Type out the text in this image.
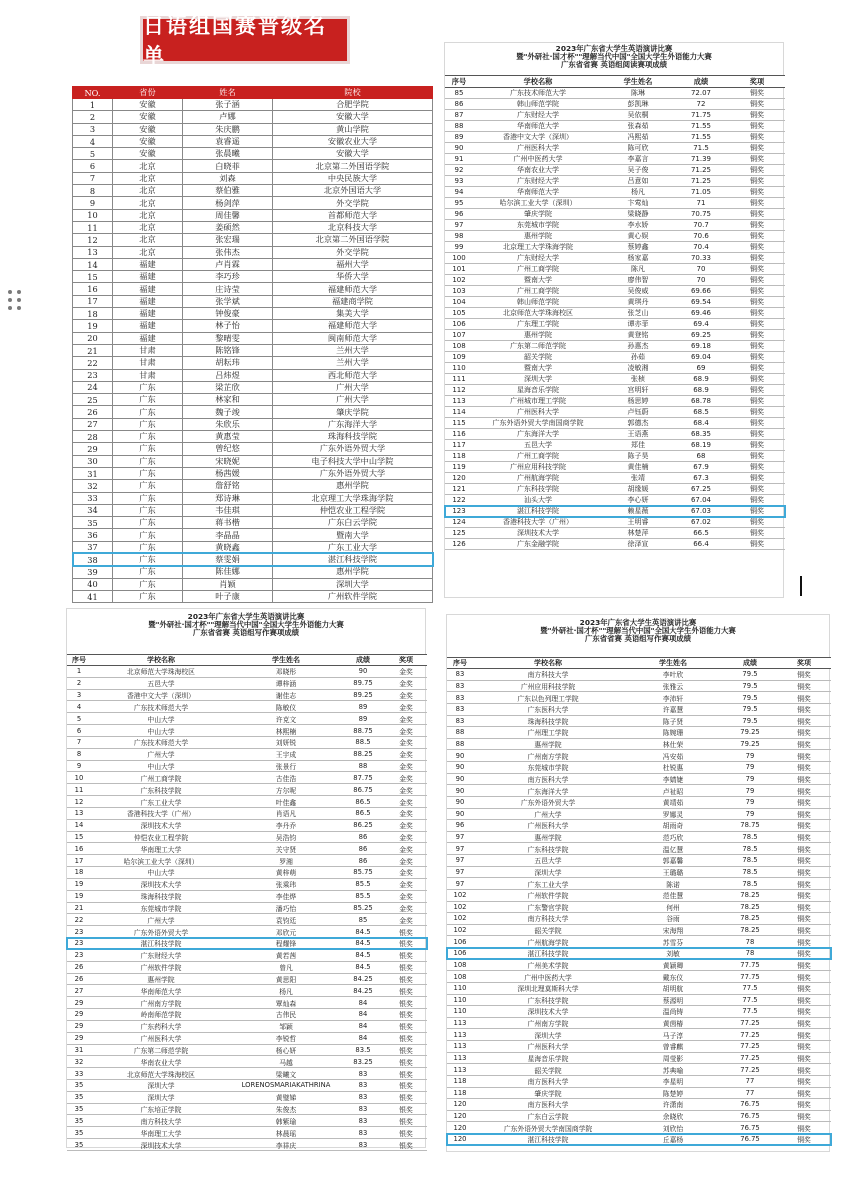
日语组国赛晋级名单
NO.	省份	姓名	院校
1	安徽	张子涵	合肥学院
2	安徽	卢娜	安徽大学
3	安徽	朱庆鹏	黄山学院
4	安徽	袁睿遥	安徽农业大学
5	安徽	张晨曦	安徽大学
6	北京	白晓菲	北京第二外国语学院
7	北京	刘森	中央民族大学
8	北京	蔡伯雅	北京外国语大学
9	北京	杨剑萍	外交学院
10	北京	周佳馨	首都师范大学
11	北京	姜硕然	北京科技大学
12	北京	张宏瑞	北京第二外国语学院
13	北京	张伟杰	外交学院
14	福建	卢肖霖	福州大学
15	福建	李巧珍	华侨大学
16	福建	庄诗莹	福建师范大学
17	福建	张学斌	福建商学院
18	福建	钟俊豪	集美大学
19	福建	林子怡	福建师范大学
20	福建	黎晴雯	闽南师范大学
21	甘肃	陈铭锋	兰州大学
22	甘肃	胡耘玮	兰州大学
23	甘肃	吕炜煜	西北师范大学
24	广东	梁芷欣	广州大学
25	广东	林家和	广州大学
26	广东	魏子竣	肇庆学院
27	广东	朱欣乐	广东海洋大学
28	广东	黄惠莹	珠海科技学院
29	广东	曾纪悠	广东外语外贸大学
30	广东	宋晓妮	电子科技大学中山学院
31	广东	杨茜媛	广东外语外贸大学
32	广东	詹舒铭	惠州学院
33	广东	郑诗琳	北京理工大学珠海学院
34	广东	韦佳琪	仲恺农业工程学院
35	广东	蒋书楷	广东白云学院
36	广东	李晶晶	暨南大学
37	广东	黄晓鑫	广东工业大学
38	广东	蔡雯娟	湛江科技学院
39	广东	陈佳娜	惠州学院
40	广东	肖颖	深圳大学
41	广东	叶子康	广州软件学院
2023年广东省大学生英语演讲比赛
暨"外研社·国才杯""理解当代中国"全国大学生外语能力大赛
广东省省赛 英语组阅读赛项成绩
序号	学校名称	学生姓名	成绩	奖项
85	广东技术师范大学	陈琳	72.07	铜奖
86	韩山师范学院	彭凯琳	72	铜奖
87	广东财经大学	吴依桐	71.75	铜奖
88	华南师范大学	张森茹	71.55	铜奖
89	香港中文大学（深圳）	冯熙茹	71.55	铜奖
90	广州医科大学	陈可欣	71.5	铜奖
91	广州中医药大学	李嘉言	71.39	铜奖
92	华南农业大学	吴子俊	71.25	铜奖
93	广东财经大学	吕意如	71.25	铜奖
94	华南师范大学	杨凡	71.05	铜奖
95	哈尔滨工业大学（深圳）	卞莺灿	71	铜奖
96	肇庆学院	梁晓静	70.75	铜奖
97	东莞城市学院	李水娇	70.7	铜奖
98	惠州学院	黄心娱	70.6	铜奖
99	北京理工大学珠海学院	蔡婷鑫	70.4	铜奖
100	广东财经大学	杨家嘉	70.33	铜奖
101	广州工商学院	陈凡	70	铜奖
102	暨南大学	廖伟智	70	铜奖
103	广州工商学院	吴俊威	69.66	铜奖
104	韩山师范学院	黄琪丹	69.54	铜奖
105	北京师范大学珠海校区	张芝山	69.46	铜奖
106	广东理工学院	谭亦菲	69.4	铜奖
107	惠州学院	黄登铭	69.25	铜奖
108	广东第二师范学院	孙惠杰	69.18	铜奖
109	韶关学院	孙茹	69.04	铜奖
110	暨南大学	凌敏湘	69	铜奖
111	深圳大学	张桢	68.9	铜奖
112	星海音乐学院	宫明轩	68.9	铜奖
113	广州城市理工学院	杨思婷	68.78	铜奖
114	广州医科大学	卢钰蔚	68.5	铜奖
115	广东外语外贸大学南国商学院	郭德杰	68.4	铜奖
116	广东海洋大学	王语燕	68.35	铜奖
117	五邑大学	郑佳	68.19	铜奖
118	广州工商学院	陈子昊	68	铜奖
119	广州应用科技学院	黄佳楠	67.9	铜奖
120	广州航海学院	张靖	67.3	铜奖
121	广东科技学院	胡缘媛	67.25	铜奖
122	汕头大学	李心妍	67.04	铜奖
123	湛江科技学院	赖星薇	67.03	铜奖
124	香港科技大学（广州）	王明睿	67.02	铜奖
125	深圳技术大学	林楚萍	66.5	铜奖
126	广东金融学院	徐泽宣	66.4	铜奖
2023年广东省大学生英语演讲比赛
暨"外研社·国才杯""理解当代中国"全国大学生外语能力大赛
广东省省赛 英语组写作赛项成绩
序号	学校名称	学生姓名	成绩	奖项
1	北京师范大学珠海校区	邓晓彤	90	金奖
2	五邑大学	谭梓涵	89.75	金奖
3	香港中文大学（深圳）	谢佳志	89.25	金奖
4	广东技术师范大学	陈敏仪	89	金奖
5	中山大学	许克文	89	金奖
6	中山大学	林熙楠	88.75	金奖
7	广东技术师范大学	刘妍锐	88.5	金奖
8	广州大学	王宇成	88.25	金奖
9	中山大学	张景行	88	金奖
10	广州工商学院	古佳浩	87.75	金奖
11	广东科技学院	方尔呢	86.75	金奖
12	广东工业大学	叶佳鑫	86.5	金奖
13	香港科技大学（广州）	肖语凡	86.5	金奖
14	深圳技术大学	李丹乔	86.25	金奖
15	仲恺农业工程学院	吴浩钧	86	金奖
16	华南理工大学	关守贤	86	金奖
17	哈尔滨工业大学（深圳）	罗湘	86	金奖
18	中山大学	黄梓萌	85.75	金奖
19	深圳技术大学	张乘玮	85.5	金奖
19	珠海科技学院	李佳烨	85.5	金奖
21	东莞城市学院	潘巧怡	85.25	金奖
22	广州大学	袁钧廷	85	金奖
23	广东外语外贸大学	邓欣元	84.5	银奖
23	湛江科技学院	程耀锋	84.5	银奖
23	广东财经大学	黄若茜	84.5	银奖
26	广州软件学院	曾凡	84.5	银奖
26	惠州学院	黄思阳	84.25	银奖
27	华南师范大学	杨凡	84.25	银奖
29	广州南方学院	覃灿森	84	银奖
29	岭南师范学院	古伟民	84	银奖
29	广东药科大学	邹颖	84	银奖
29	广州医科大学	李锐哲	84	银奖
31	广东第二师范学院	杨心妍	83.5	银奖
32	华南农业大学	马越	83.25	银奖
33	北京师范大学珠海校区	梁曦文	83	银奖
35	深圳大学	LORENOSMARIAKATHRINA	83	银奖
35	深圳大学	黄璧娣	83	银奖
35	广东培正学院	朱俊杰	83	银奖
35	南方科技大学	韩紫瑜	83	银奖
35	华南理工大学	林晨瑶	83	银奖
35	深圳技术大学	李祥庆	83	银奖
2023年广东省大学生英语演讲比赛
暨"外研社·国才杯""理解当代中国"全国大学生外语能力大赛
广东省省赛 英语组写作赛项成绩
序号	学校名称	学生姓名	成绩	奖项
83	南方科技大学	李叶欣	79.5	铜奖
83	广州应用科技学院	张雅云	79.5	铜奖
83	广东以色列理工学院	李沛轩	79.5	铜奖
83	广东医科大学	许嘉慧	79.5	铜奖
83	珠海科技学院	陈子贤	79.5	铜奖
88	广州理工学院	陈婉珊	79.25	铜奖
88	惠州学院	林仕荣	79.25	铜奖
90	广州南方学院	冯安茹	79	铜奖
90	东莞城市学院	杜锐惠	79	铜奖
90	南方医科大学	李婧婕	79	铜奖
90	广东海洋大学	卢祉昭	79	铜奖
90	广东外语外贸大学	黄靖茹	79	铜奖
90	广州大学	罗娜灵	79	铜奖
96	广州医科大学	胡雨奇	78.75	铜奖
97	惠州学院	范巧欣	78.5	铜奖
97	广东科技学院	温亿慧	78.5	铜奖
97	五邑大学	郭嘉馨	78.5	铜奖
97	深圳大学	王璐璐	78.5	铜奖
97	广东工业大学	陈诺	78.5	铜奖
102	广州软件学院	范佳慧	78.25	铜奖
102	广东警官学院	何州	78.25	铜奖
102	南方科技大学	谷雨	78.25	铜奖
102	韶关学院	宋海翔	78.25	铜奖
106	广州航海学院	苏雪芬	78	铜奖
106	湛江科技学院	刘敏	78	铜奖
108	广州美术学院	黄颖卿	77.75	铜奖
108	广州中医药大学	戴东仪	77.75	铜奖
110	深圳北理莫斯科大学	胡明航	77.5	铜奖
110	广东科技学院	蔡源明	77.5	铜奖
110	深圳技术大学	温尚铸	77.5	铜奖
113	广州南方学院	黄茵椿	77.25	铜奖
113	深圳大学	马子淳	77.25	铜奖
113	广州医科大学	曾睿麒	77.25	铜奖
113	星海音乐学院	周莹影	77.25	铜奖
113	韶关学院	苏典喻	77.25	铜奖
118	南方医科大学	李星明	77	铜奖
118	肇庆学院	陈楚婷	77	铜奖
120	南方医科大学	许潇南	76.75	铜奖
120	广东白云学院	余晓欣	76.75	铜奖
120	广东外语外贸大学南国商学院	刘欣怡	76.75	铜奖
120	湛江科技学院	丘嘉杨	76.75	铜奖
